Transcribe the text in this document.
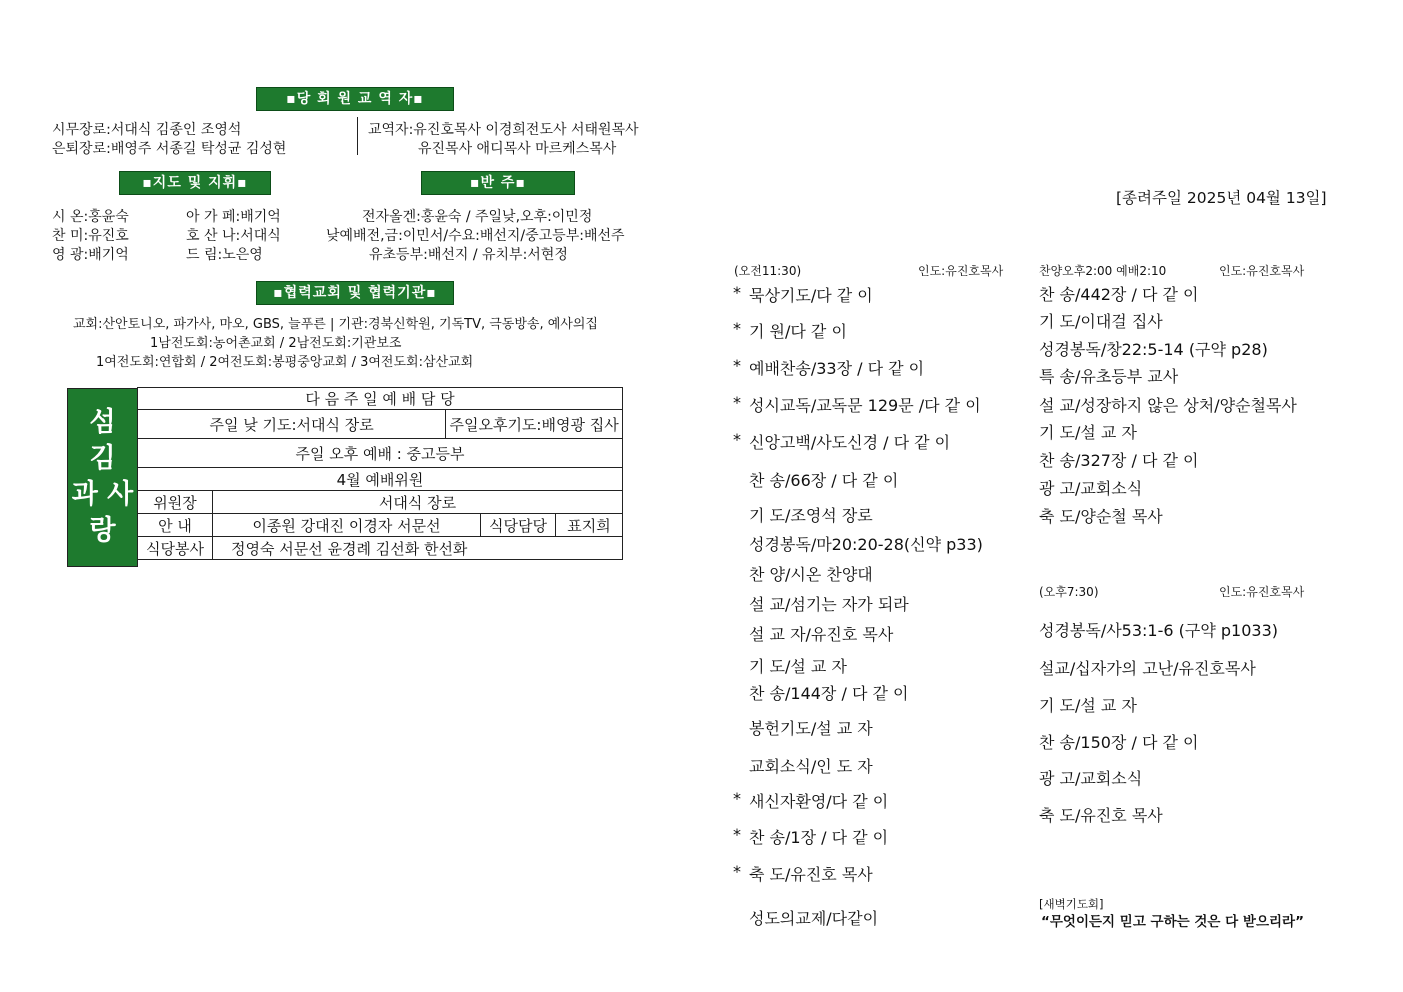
▪당 회 원 교 역 자▪
시무장로:서대식 김종인 조영석
은퇴장로:배영주 서종길 탁성균 김성현
교역자:유진호목사 이경희전도사 서태원목사
유진목사 애디목사 마르케스목사
▪지도 및 지휘▪	▪반 주▪
시 온:홍윤숙	아 가 페:배기억
찬 미:유진호	호 산 나:서대식
영 광:배기억	드 림:노은영
전자올겐:홍윤숙 / 주일낮,오후:이민정
낮예배전,금:이민서/수요:배선지/중고등부:배선주
유초등부:배선지 / 유치부:서현정
▪협력교회 및 협력기관▪
교회:산안토니오, 파가사, 마오, GBS, 늘푸른 | 기관:경북신학원, 기독TV, 극동방송, 예사의집
1남전도회:농어촌교회 / 2남전도회:기관보조
1여전도회:연합회 / 2여전도회:봉평중앙교회 / 3여전도회:삼산교회
섬
김
과 사
랑
다 음 주 일 예 배 담 당				
주일 낮 기도:서대식 장로		주일오후기도:배영광 집사		
주일 오후 예배 : 중고등부				
4월 예배위원				
위원장	서대식 장로			
안 내	이종원 강대진 이경자 서문선		식당담당	표지희
식당봉사	정영숙 서문선 윤경례 김선화 한선화			
[종려주일 2025년 04월 13일]
(오전11:30)	인도:유진호목사
* 묵상기도/다 같 이
* 기 원/다 같 이
* 예배찬송/33장 / 다 같 이
* 성시교독/교독문 129문 /다 같 이
* 신앙고백/사도신경 / 다 같 이
찬 송/66장 / 다 같 이
기 도/조영석 장로
성경봉독/마20:20-28(신약 p33)
찬 양/시온 찬양대
설 교/섬기는 자가 되라
설 교 자/유진호 목사
기 도/설 교 자
찬 송/144장 / 다 같 이
봉헌기도/설 교 자
교회소식/인 도 자
* 새신자환영/다 같 이
* 찬 송/1장 / 다 같 이
* 축 도/유진호 목사
성도의교제/다같이
찬양오후2:00 예배2:10	인도:유진호목사
찬 송/442장 / 다 같 이
기 도/이대걸 집사
성경봉독/창22:5-14 (구약 p28)
특 송/유초등부 교사
설 교/성장하지 않은 상처/양순철목사
기 도/설 교 자
찬 송/327장 / 다 같 이
광 고/교회소식
축 도/양순철 목사
(오후7:30)	인도:유진호목사
성경봉독/사53:1-6 (구약 p1033)
설교/십자가의 고난/유진호목사
기 도/설 교 자
찬 송/150장 / 다 같 이
광 고/교회소식
축 도/유진호 목사
[새벽기도회]
“무엇이든지 믿고 구하는 것은 다 받으리라”
